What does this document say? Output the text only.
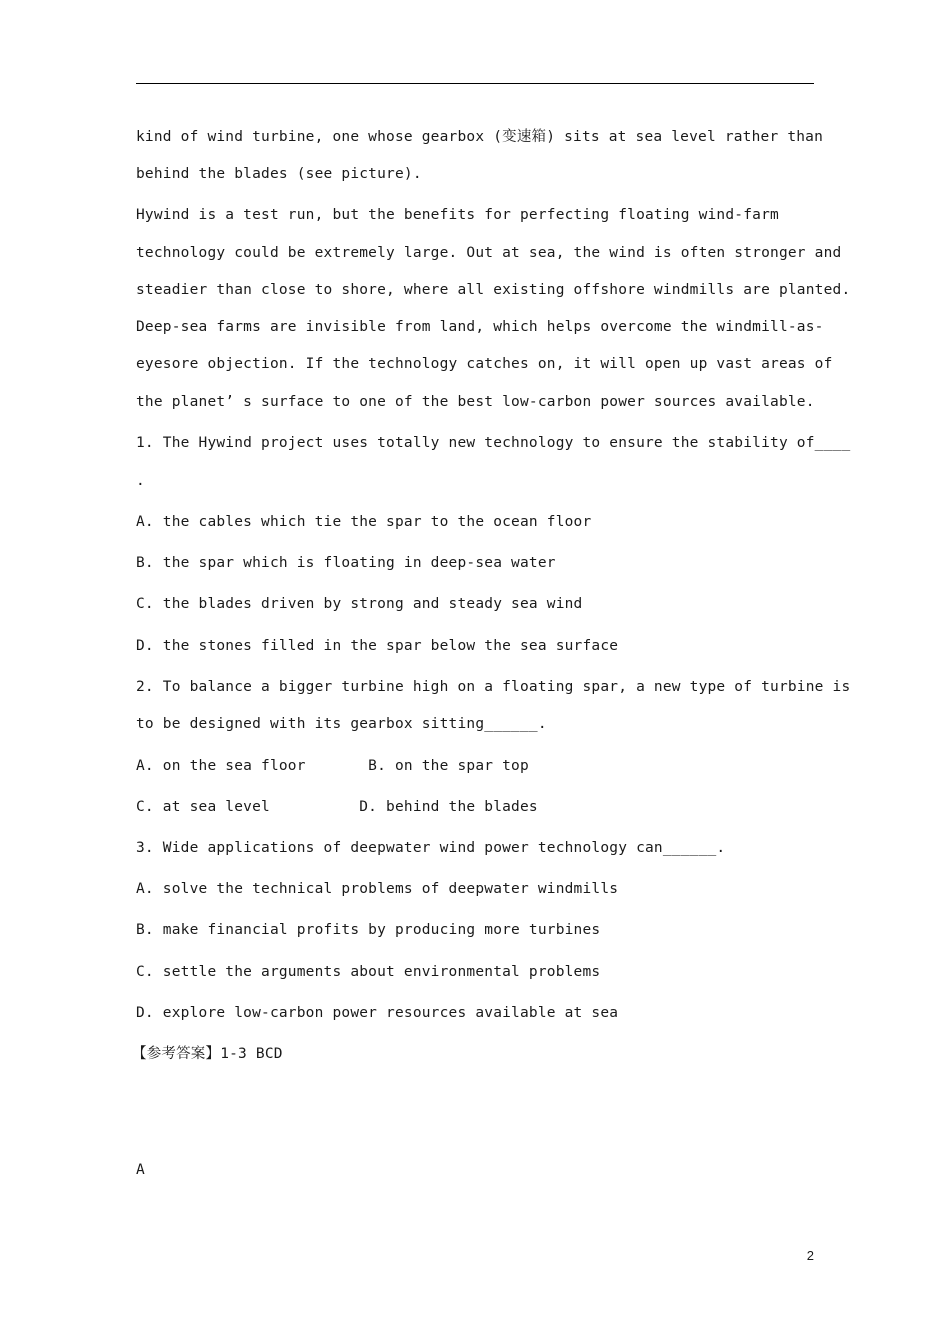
kind of wind turbine, one whose gearbox (变速箱) sits at sea level rather than
behind the blades (see picture).
Hywind is a test run, but the benefits for perfecting floating wind-farm
technology could be extremely large. Out at sea, the wind is often stronger and
steadier than close to shore, where all existing offshore windmills are planted.
Deep-sea farms are invisible from land, which helps overcome the windmill-as-
eyesore objection. If the technology catches on, it will open up vast areas of
the planet’ s surface to one of the best low-carbon power sources available.
1. The Hywind project uses totally new technology to ensure the stability of____
.
A. the cables which tie the spar to the ocean floor
B. the spar which is floating in deep-sea water
C. the blades driven by strong and steady sea wind
D. the stones filled in the spar below the sea surface
2. To balance a bigger turbine high on a floating spar, a new type of turbine is
to be designed with its gearbox sitting______.
A. on the sea floor       B. on the spar top
C. at sea level          D. behind the blades
3. Wide applications of deepwater wind power technology can______.
A. solve the technical problems of deepwater windmills
B. make financial profits by producing more turbines
C. settle the arguments about environmental problems
D. explore low-carbon power resources available at sea
【参考答案】1-3 BCD
A
2
